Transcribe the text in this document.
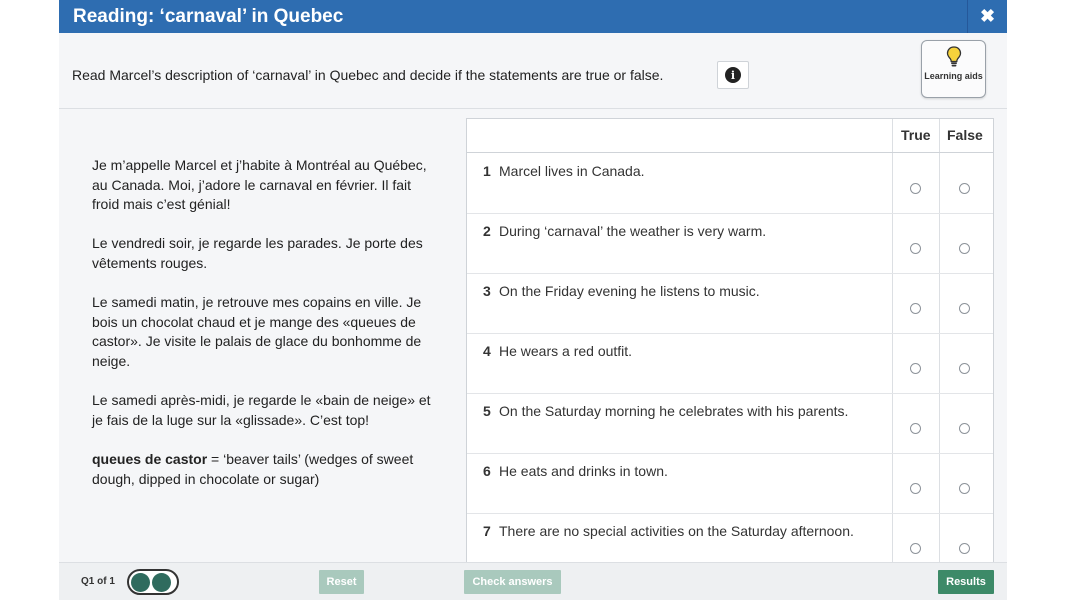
Reading: ‘carnaval’ in Quebec	✖
Read Marcel’s description of ‘carnaval’ in Quebec and decide if the statements are true or false.	i	Learning aids

Je m’appelle Marcel et j’habite à Montréal au Québec, au Canada. Moi, j’adore le carnaval en février. Il fait froid mais c’est génial!

Le vendredi soir, je regarde les parades. Je porte des vêtements rouges.

Le samedi matin, je retrouve mes copains en ville. Je bois un chocolat chaud et je mange des «queues de castor». Je visite le palais de glace du bonhomme de neige.

Le samedi après-midi, je regarde le «bain de neige» et je fais de la luge sur la «glissade». C’est top!

queues de castor = ‘beaver tails’ (wedges of sweet dough, dipped in chocolate or sugar)
True False
1 Marcel lives in Canada.
2 During ‘carnaval’ the weather is very warm.
3 On the Friday evening he listens to music.
4 He wears a red outfit.
5 On the Saturday morning he celebrates with his parents.
6 He eats and drinks in town.
7 There are no special activities on the Saturday afternoon.
Q1 of 1	Reset	Check answers	Results
